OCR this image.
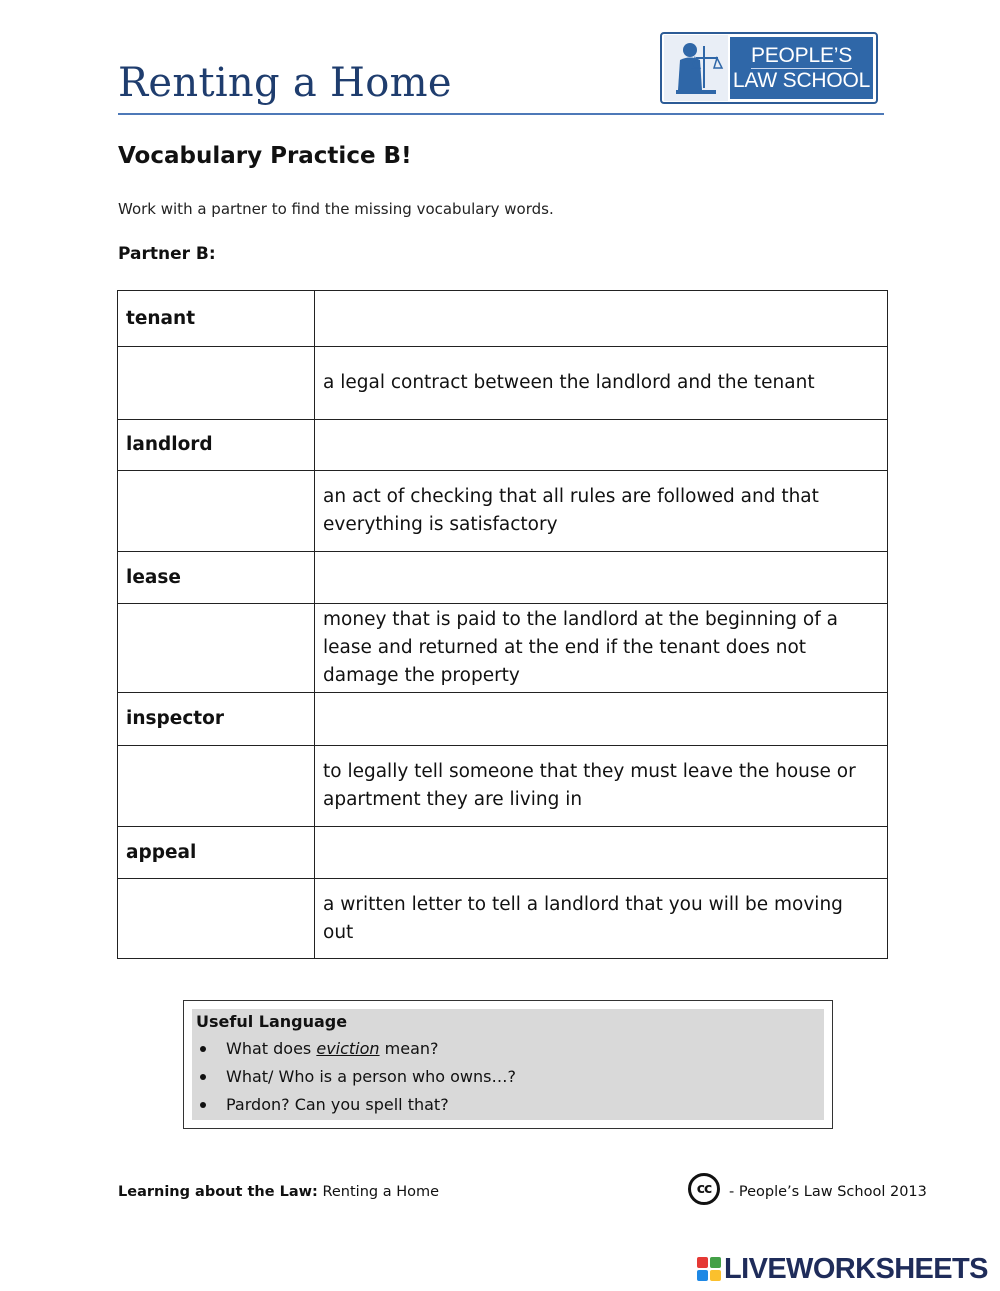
Renting a Home
PEOPLE’S
LAW SCHOOL
Vocabulary Practice B!
Work with a partner to find the missing vocabulary words.
Partner B:
tenant	
	a legal contract between the landlord and the tenant
landlord	
	an act of checking that all rules are followed and that everything is satisfactory
lease	
	money that is paid to the landlord at the beginning of a lease and returned at the end if the tenant does not damage the property
inspector	
	to legally tell someone that they must leave the house or apartment they are living in
appeal	
	a written letter to tell a landlord that you will be moving out
Useful Language
What does eviction mean?
What/ Who is a person who owns…?
Pardon? Can you spell that?
Learning about the Law: Renting a Home	cc - People’s Law School 2013
LIVEWORKSHEETS
